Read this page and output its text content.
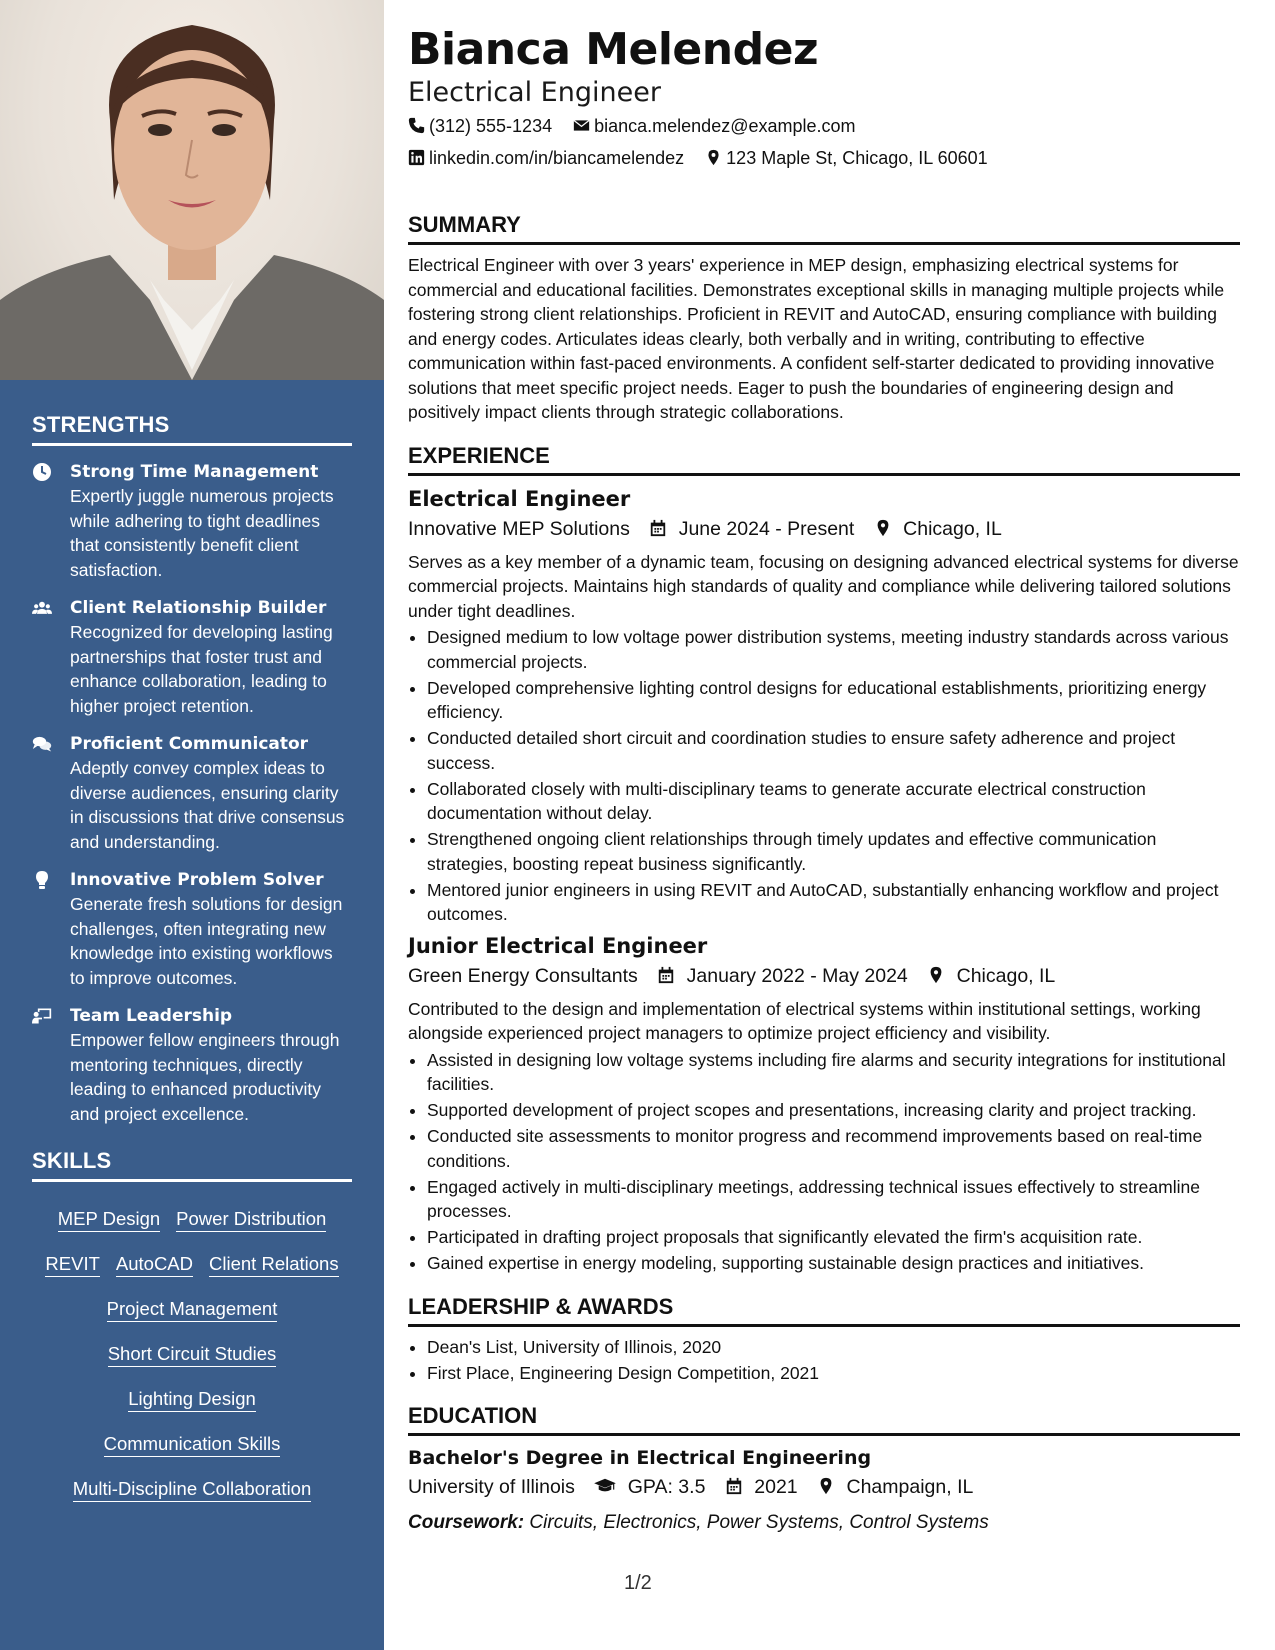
STRENGTHS
Strong Time Management
Expertly juggle numerous projects while adhering to tight deadlines that consistently benefit client satisfaction.
Client Relationship Builder
Recognized for developing lasting partnerships that foster trust and enhance collaboration, leading to higher project retention.
Proficient Communicator
Adeptly convey complex ideas to diverse audiences, ensuring clarity in discussions that drive consensus and understanding.
Innovative Problem Solver
Generate fresh solutions for design challenges, often integrating new knowledge into existing workflows to improve outcomes.
Team Leadership
Empower fellow engineers through mentoring techniques, directly leading to enhanced productivity and project excellence.
SKILLS
MEP Design Power Distribution
REVIT AutoCAD Client Relations
Project Management
Short Circuit Studies
Lighting Design
Communication Skills
Multi-Discipline Collaboration
Bianca Melendez
Electrical Engineer
(312) 555-1234 bianca.melendez@example.com
linkedin.com/in/biancamelendez 123 Maple St, Chicago, IL 60601
SUMMARY
Electrical Engineer with over 3 years' experience in MEP design, emphasizing electrical systems for commercial and educational facilities. Demonstrates exceptional skills in managing multiple projects while fostering strong client relationships. Proficient in REVIT and AutoCAD, ensuring compliance with building and energy codes. Articulates ideas clearly, both verbally and in writing, contributing to effective communication within fast-paced environments. A confident self-starter dedicated to providing innovative solutions that meet specific project needs. Eager to push the boundaries of engineering design and positively impact clients through strategic collaborations.
EXPERIENCE
Electrical Engineer
Innovative MEP Solutions	June 2024 - Present	Chicago, IL
Serves as a key member of a dynamic team, focusing on designing advanced electrical systems for diverse commercial projects. Maintains high standards of quality and compliance while delivering tailored solutions under tight deadlines.
• Designed medium to low voltage power distribution systems, meeting industry standards across various commercial projects.
• Developed comprehensive lighting control designs for educational establishments, prioritizing energy efficiency.
• Conducted detailed short circuit and coordination studies to ensure safety adherence and project success.
• Collaborated closely with multi-disciplinary teams to generate accurate electrical construction documentation without delay.
• Strengthened ongoing client relationships through timely updates and effective communication strategies, boosting repeat business significantly.
• Mentored junior engineers in using REVIT and AutoCAD, substantially enhancing workflow and project outcomes.
Junior Electrical Engineer
Green Energy Consultants	January 2022 - May 2024	Chicago, IL
Contributed to the design and implementation of electrical systems within institutional settings, working alongside experienced project managers to optimize project efficiency and visibility.
• Assisted in designing low voltage systems including fire alarms and security integrations for institutional facilities.
• Supported development of project scopes and presentations, increasing clarity and project tracking.
• Conducted site assessments to monitor progress and recommend improvements based on real-time conditions.
• Engaged actively in multi-disciplinary meetings, addressing technical issues effectively to streamline processes.
• Participated in drafting project proposals that significantly elevated the firm's acquisition rate.
• Gained expertise in energy modeling, supporting sustainable design practices and initiatives.
LEADERSHIP & AWARDS
• Dean's List, University of Illinois, 2020
• First Place, Engineering Design Competition, 2021
EDUCATION
Bachelor's Degree in Electrical Engineering
University of Illinois	GPA: 3.5	2021	Champaign, IL
Coursework: Circuits, Electronics, Power Systems, Control Systems
1/2
